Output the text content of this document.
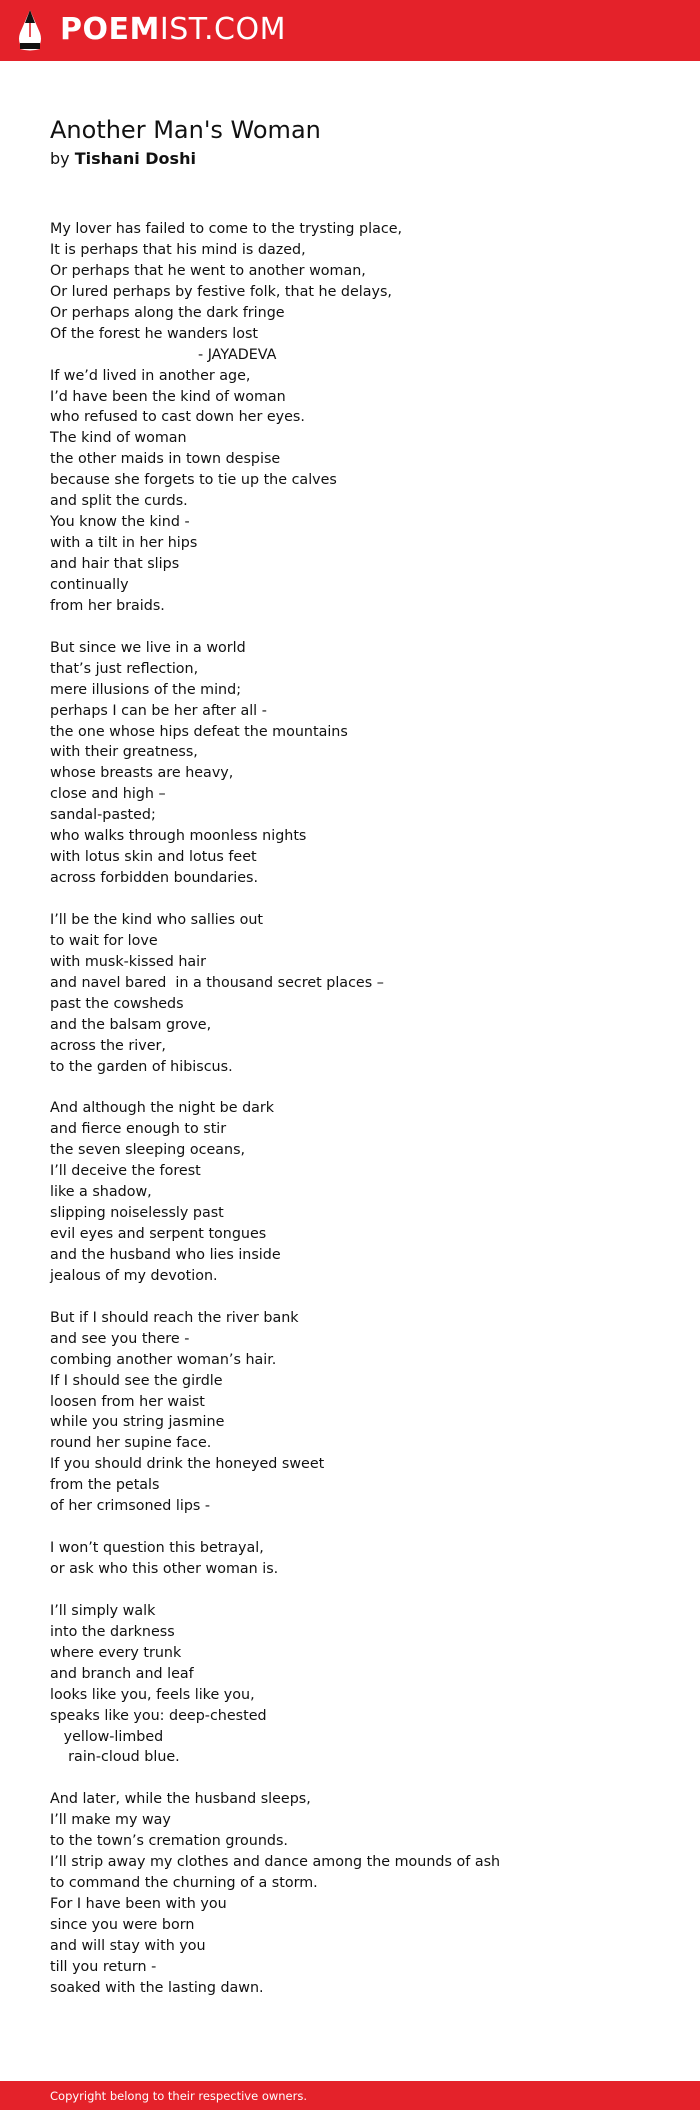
POEMIST.COM
Another Man's Woman
by Tishani Doshi
My lover has failed to come to the trysting place,
It is perhaps that his mind is dazed,
Or perhaps that he went to another woman,
Or lured perhaps by festive folk, that he delays,
Or perhaps along the dark fringe
Of the forest he wanders lost
- JAYADEVA
If we’d lived in another age,
I’d have been the kind of woman
who refused to cast down her eyes.
The kind of woman
the other maids in town despise
because she forgets to tie up the calves
and split the curds.
You know the kind -
with a tilt in her hips
and hair that slips
continually
from her braids.
But since we live in a world
that’s just reflection,
mere illusions of the mind;
perhaps I can be her after all -
the one whose hips defeat the mountains
with their greatness,
whose breasts are heavy,
close and high –
sandal-pasted;
who walks through moonless nights
with lotus skin and lotus feet
across forbidden boundaries.
I’ll be the kind who sallies out
to wait for love
with musk-kissed hair
and navel bared  in a thousand secret places –
past the cowsheds
and the balsam grove,
across the river,
to the garden of hibiscus.
And although the night be dark
and fierce enough to stir
the seven sleeping oceans,
I’ll deceive the forest
like a shadow,
slipping noiselessly past
evil eyes and serpent tongues
and the husband who lies inside
jealous of my devotion.
But if I should reach the river bank
and see you there -
combing another woman’s hair.
If I should see the girdle
loosen from her waist
while you string jasmine
round her supine face.
If you should drink the honeyed sweet
from the petals
of her crimsoned lips -
I won’t question this betrayal,
or ask who this other woman is.
I’ll simply walk
into the darkness
where every trunk
and branch and leaf
looks like you, feels like you,
speaks like you: deep-chested
yellow-limbed
rain-cloud blue.
And later, while the husband sleeps,
I’ll make my way
to the town’s cremation grounds.
I’ll strip away my clothes and dance among the mounds of ash
to command the churning of a storm.
For I have been with you
since you were born
and will stay with you
till you return -
soaked with the lasting dawn.
Copyright belong to their respective owners.
